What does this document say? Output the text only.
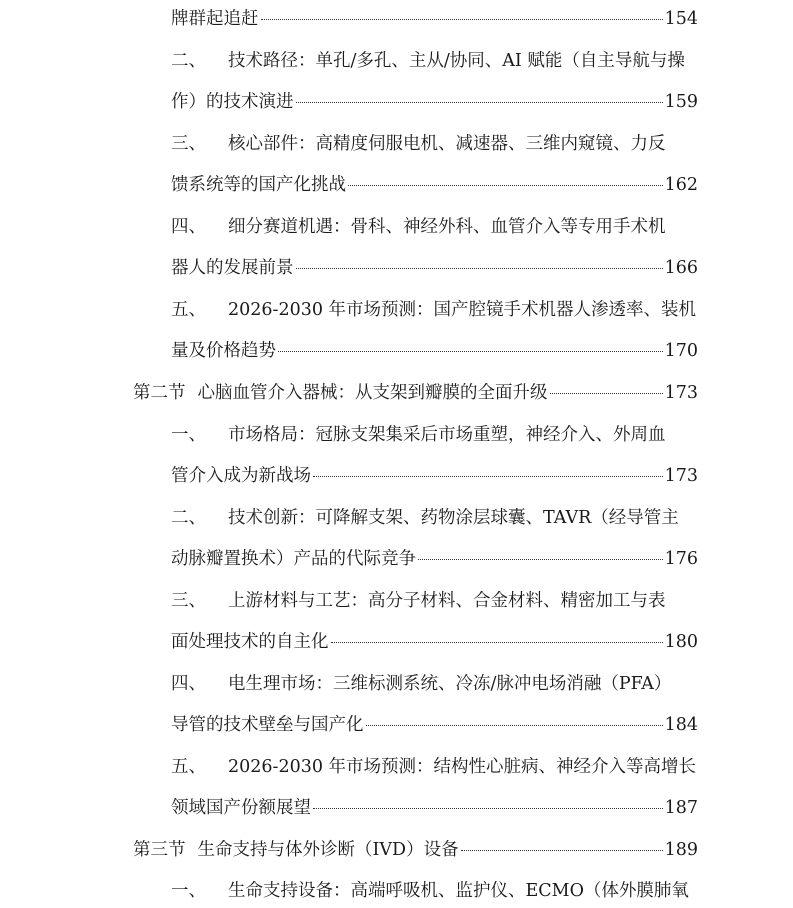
牌群起追赶	154
二、 技术路径：单孔/多孔、主从/协同、AI 赋能（自主导航与操
作）的技术演进	159
三、 核心部件：高精度伺服电机、减速器、三维内窥镜、力反
馈系统等的国产化挑战	162
四、 细分赛道机遇：骨科、神经外科、血管介入等专用手术机
器人的发展前景	166
五、 2026-2030 年市场预测：国产腔镜手术机器人渗透率、装机
量及价格趋势	170
第二节 心脑血管介入器械：从支架到瓣膜的全面升级	173
一、 市场格局：冠脉支架集采后市场重塑，神经介入、外周血
管介入成为新战场	173
二、 技术创新：可降解支架、药物涂层球囊、TAVR（经导管主
动脉瓣置换术）产品的代际竞争	176
三、 上游材料与工艺：高分子材料、合金材料、精密加工与表
面处理技术的自主化	180
四、 电生理市场：三维标测系统、冷冻/脉冲电场消融（PFA）
导管的技术壁垒与国产化	184
五、 2026-2030 年市场预测：结构性心脏病、神经介入等高增长
领域国产份额展望	187
第三节 生命支持与体外诊断（IVD）设备	189
一、 生命支持设备：高端呼吸机、监护仪、ECMO（体外膜肺氧
